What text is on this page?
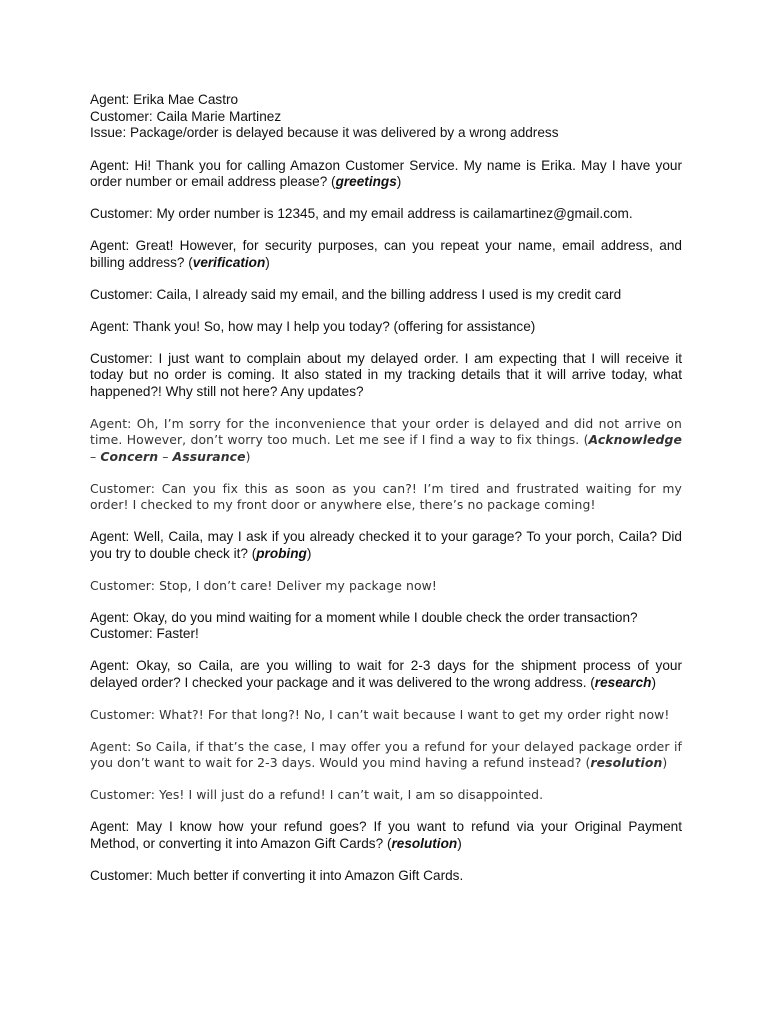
Agent: Erika Mae Castro

Customer: Caila Marie Martinez

Issue: Package/order is delayed because it was delivered by a wrong address

Agent: Hi! Thank you for calling Amazon Customer Service. My name is Erika. May I have your order number or email address please? (greetings)

Customer: My order number is 12345, and my email address is cailamartinez@gmail.com.

Agent: Great! However, for security purposes, can you repeat your name, email address, and billing address? (verification)

Customer: Caila, I already said my email, and the billing address I used is my credit card

Agent: Thank you! So, how may I help you today? (offering for assistance)

Customer: I just want to complain about my delayed order. I am expecting that I will receive it today but no order is coming. It also stated in my tracking details that it will arrive today, what happened?! Why still not here? Any updates?

Agent: Oh, I’m sorry for the inconvenience that your order is delayed and did not arrive on time. However, don’t worry too much. Let me see if I find a way to fix things. (Acknowledge – Concern – Assurance)

Customer: Can you fix this as soon as you can?! I’m tired and frustrated waiting for my order! I checked to my front door or anywhere else, there’s no package coming!

Agent: Well, Caila, may I ask if you already checked it to your garage? To your porch, Caila? Did you try to double check it? (probing)

Customer: Stop, I don’t care! Deliver my package now!

Agent: Okay, do you mind waiting for a moment while I double check the order transaction?

Customer: Faster!

Agent: Okay, so Caila, are you willing to wait for 2-3 days for the shipment process of your delayed order? I checked your package and it was delivered to the wrong address. (research)

Customer: What?! For that long?! No, I can’t wait because I want to get my order right now!

Agent: So Caila, if that’s the case, I may offer you a refund for your delayed package order if you don’t want to wait for 2-3 days. Would you mind having a refund instead? (resolution)

Customer: Yes! I will just do a refund! I can’t wait, I am so disappointed.

Agent: May I know how your refund goes? If you want to refund via your Original Payment Method, or converting it into Amazon Gift Cards? (resolution)

Customer: Much better if converting it into Amazon Gift Cards.
